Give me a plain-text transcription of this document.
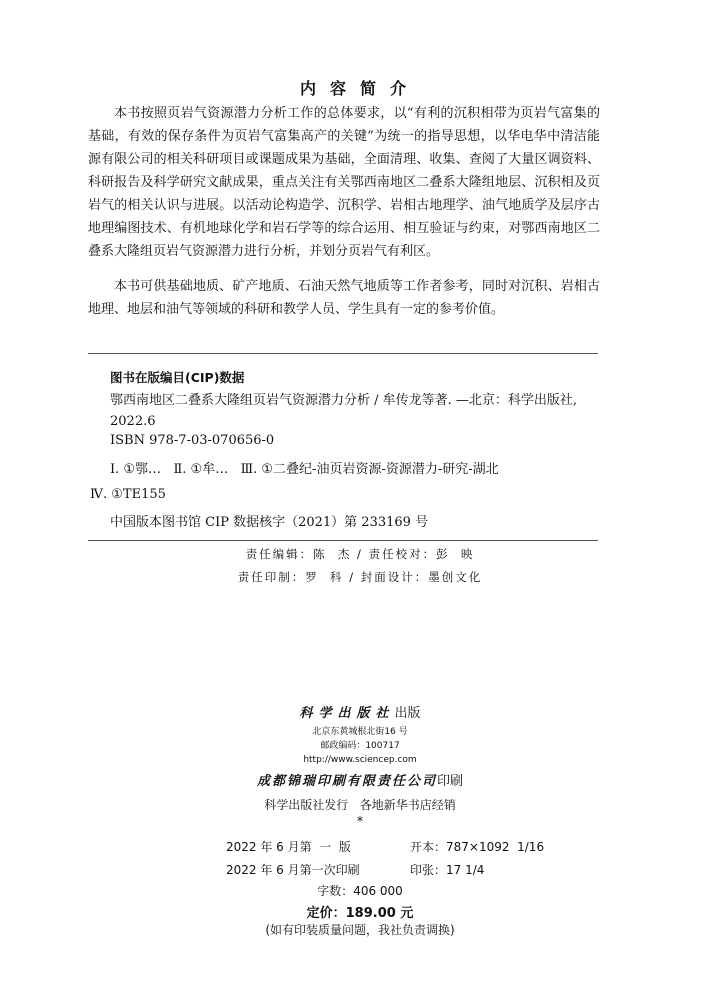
内容简介

本书按照页岩气资源潜力分析工作的总体要求，以“有利的沉积相带为页岩气富集的基础，有效的保存条件为页岩气富集高产的关键”为统一的指导思想，以华电华中清洁能源有限公司的相关科研项目或课题成果为基础，全面清理、收集、查阅了大量区调资料、科研报告及科学研究文献成果，重点关注有关鄂西南地区二叠系大隆组地层、沉积相及页岩气的相关认识与进展。以活动论构造学、沉积学、岩相古地理学、油气地质学及层序古地理编图技术、有机地球化学和岩石学等的综合运用、相互验证与约束，对鄂西南地区二叠系大隆组页岩气资源潜力进行分析，并划分页岩气有利区。

本书可供基础地质、矿产地质、石油天然气地质等工作者参考，同时对沉积、岩相古地理、地层和油气等领域的科研和教学人员、学生具有一定的参考价值。

图书在版编目(CIP)数据

鄂西南地区二叠系大隆组页岩气资源潜力分析 / 牟传龙等著. —北京：科学出版社, 2022.6

ISBN 978-7-03-070656-0

Ⅰ. ①鄂…   Ⅱ. ①牟…   Ⅲ. ①二叠纪-油页岩资源-资源潜力-研究-湖北

Ⅳ. ①TE155

中国版本图书馆 CIP 数据核字（2021）第 233169 号

责任编辑：陈  杰 / 责任校对：彭  映
责任印制：罗  科 / 封面设计：墨创文化
科学出版社出版
北京东黄城根北街16 号
邮政编码：100717
http://www.sciencep.com
成都锦瑞印刷有限责任公司印刷
科学出版社发行   各地新华书店经销
*
2022 年 6 月第  一  版	开本：787×1092  1/16
2022 年 6 月第一次印刷	印张：17 1/4
字数：406 000
定价：189.00 元
(如有印装质量问题，我社负责调换)
